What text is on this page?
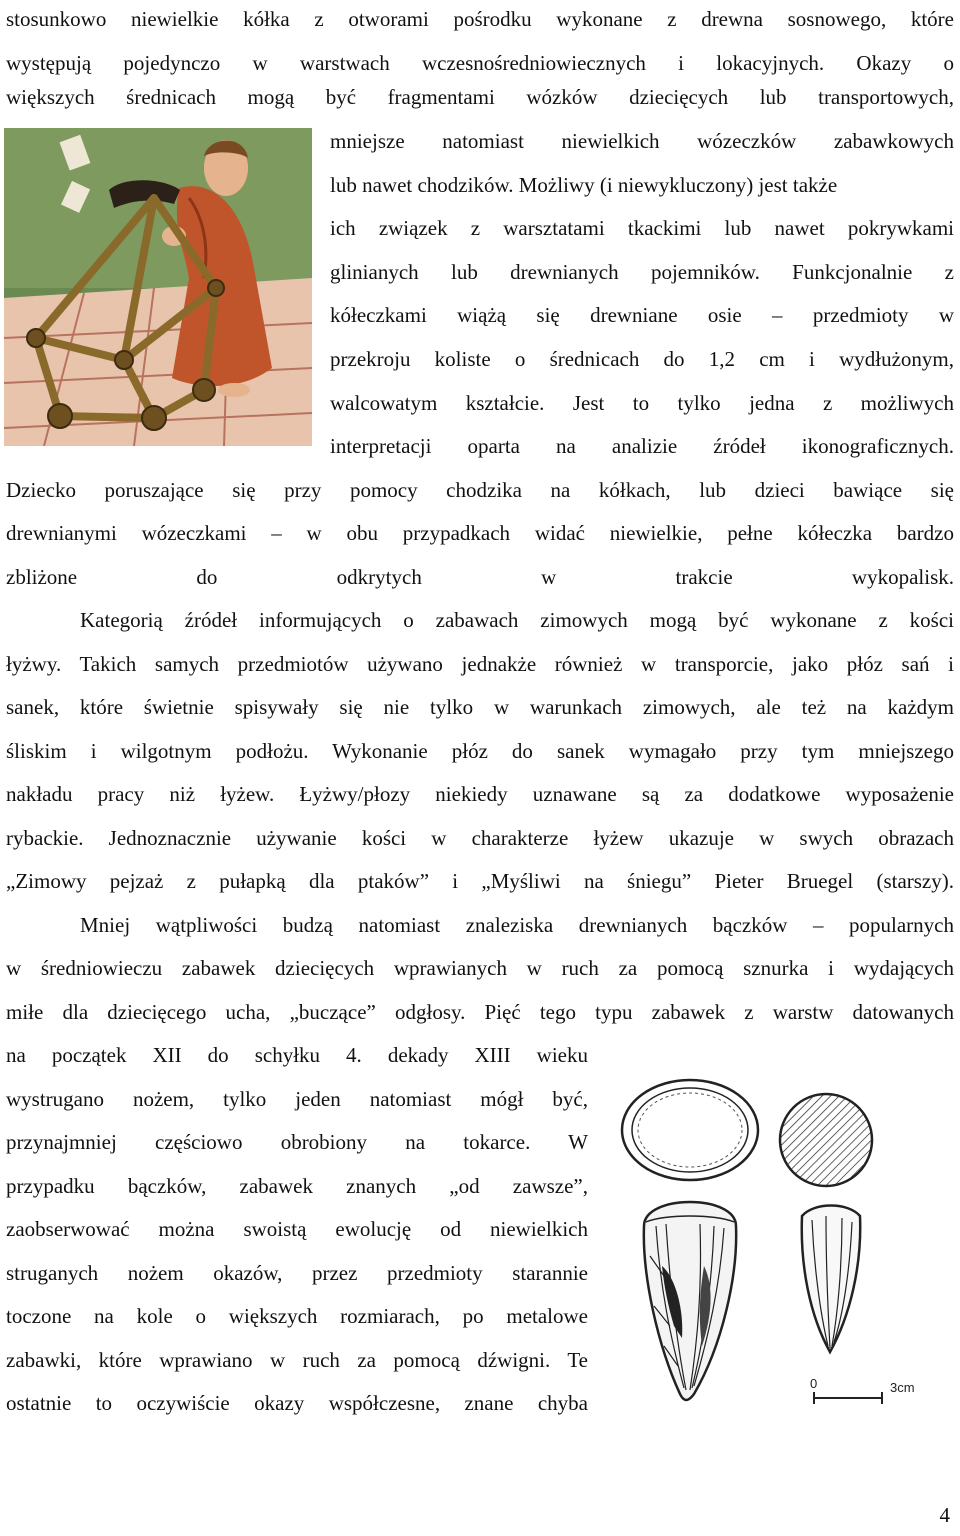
stosunkowo niewielkie kółka z otworami pośrodku wykonane z drewna sosnowego, które
występują pojedynczo w warstwach wczesnośredniowiecznych i lokacyjnych. Okazy o
większych średnicach mogą być fragmentami wózków dziecięcych lub transportowych,
mniejsze natomiast niewielkich wózeczków zabawkowych
lub nawet chodzików. Możliwy (i niewykluczony) jest także
ich związek z warsztatami tkackimi lub nawet pokrywkami
glinianych lub drewnianych pojemników. Funkcjonalnie z
kółeczkami wiążą się drewniane osie – przedmioty w
przekroju koliste o średnicach do 1,2 cm i wydłużonym,
walcowatym kształcie. Jest to tylko jedna z możliwych
interpretacji oparta na analizie źródeł ikonograficznych.
Dziecko poruszające się przy pomocy chodzika na kółkach, lub dzieci bawiące się
drewnianymi wózeczkami – w obu przypadkach widać niewielkie, pełne kółeczka bardzo
zbliżone do odkrytych w trakcie wykopalisk.
Kategorią źródeł informujących o zabawach zimowych mogą być wykonane z kości
łyżwy. Takich samych przedmiotów używano jednakże również w transporcie, jako płóz sań i
sanek, które świetnie spisywały się nie tylko w warunkach zimowych, ale też na każdym
śliskim i wilgotnym podłożu. Wykonanie płóz do sanek wymagało przy tym mniejszego
nakładu pracy niż łyżew. Łyżwy/płozy niekiedy uznawane są za dodatkowe wyposażenie
rybackie. Jednoznacznie używanie kości w charakterze łyżew ukazuje w swych obrazach
„Zimowy pejzaż z pułapką dla ptaków” i „Myśliwi na śniegu” Pieter Bruegel (starszy).
Mniej wątpliwości budzą natomiast znaleziska drewnianych bączków – popularnych
w średniowieczu zabawek dziecięcych wprawianych w ruch za pomocą sznurka i wydających
miłe dla dziecięcego ucha, „buczące” odgłosy. Pięć tego typu zabawek z warstw datowanych
na początek XII do schyłku 4. dekady XIII wieku
wystrugano nożem, tylko jeden natomiast mógł być,
przynajmniej częściowo obrobiony na tokarce. W
przypadku bączków, zabawek znanych „od zawsze”,
zaobserwować można swoistą ewolucję od niewielkich
struganych nożem okazów, przez przedmioty starannie
toczone na kole o większych rozmiarach, po metalowe
zabawki, które wprawiano w ruch za pomocą dźwigni. Te
ostatnie to oczywiście okazy współczesne, znane chyba
0	3cm
4
